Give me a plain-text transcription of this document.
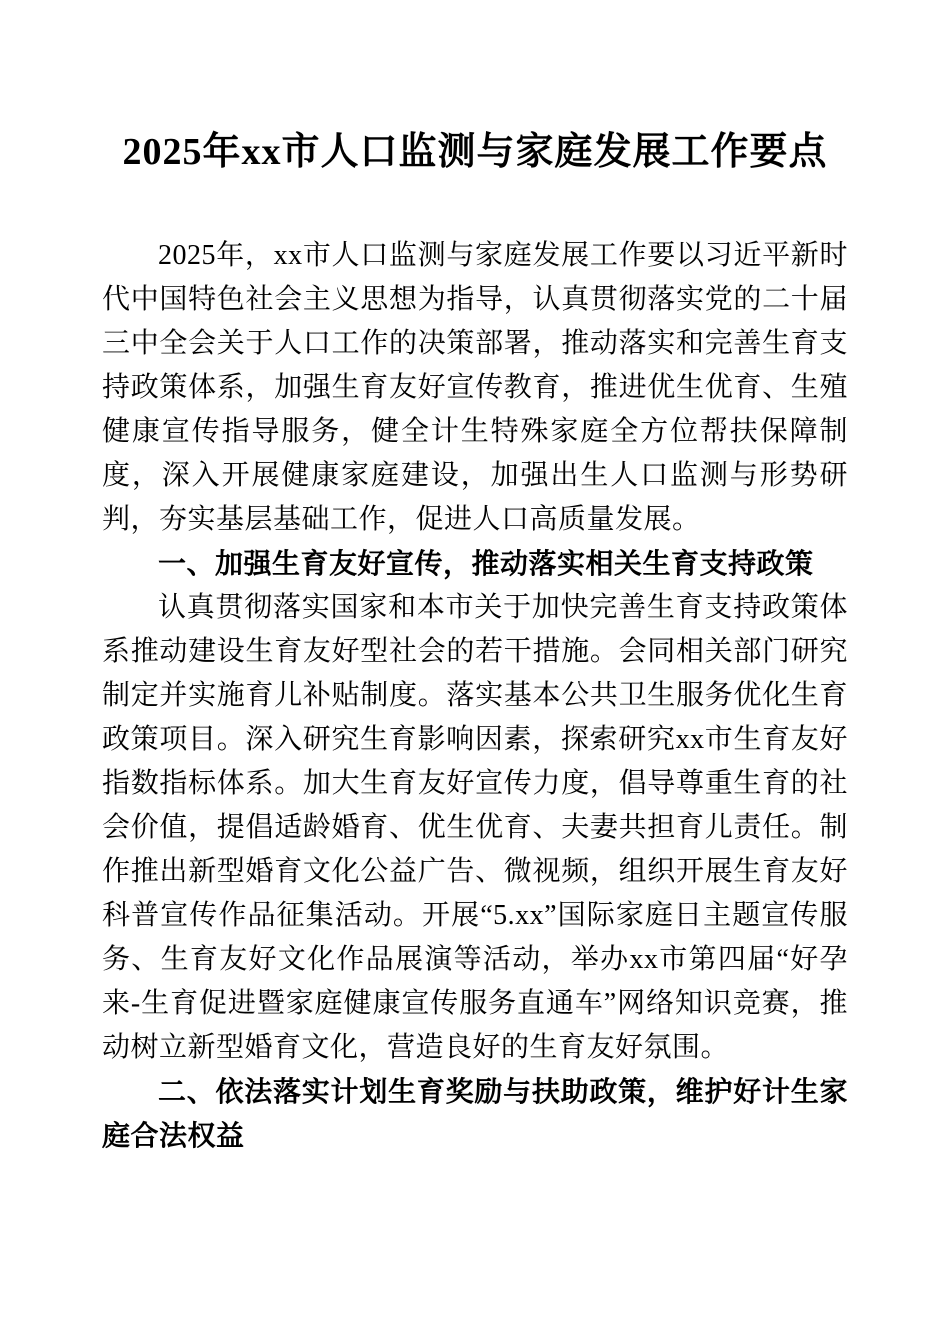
2025年xx市人口监测与家庭发展工作要点

2025年，xx市人口监测与家庭发展工作要以习近平新时代中国特色社会主义思想为指导，认真贯彻落实党的二十届三中全会关于人口工作的决策部署，推动落实和完善生育支持政策体系，加强生育友好宣传教育，推进优生优育、生殖健康宣传指导服务，健全计生特殊家庭全方位帮扶保障制度，深入开展健康家庭建设，加强出生人口监测与形势研判，夯实基层基础工作，促进人口高质量发展。

一、加强生育友好宣传，推动落实相关生育支持政策

认真贯彻落实国家和本市关于加快完善生育支持政策体系推动建设生育友好型社会的若干措施。会同相关部门研究制定并实施育儿补贴制度。落实基本公共卫生服务优化生育政策项目。深入研究生育影响因素，探索研究xx市生育友好指数指标体系。加大生育友好宣传力度，倡导尊重生育的社会价值，提倡适龄婚育、优生优育、夫妻共担育儿责任。制作推出新型婚育文化公益广告、微视频，组织开展生育友好科普宣传作品征集活动。开展“5.xx”国际家庭日主题宣传服务、生育友好文化作品展演等活动，举办xx市第四届“好孕来-生育促进暨家庭健康宣传服务直通车”网络知识竞赛，推动树立新型婚育文化，营造良好的生育友好氛围。

二、依法落实计划生育奖励与扶助政策，维护好计生家庭合法权益
